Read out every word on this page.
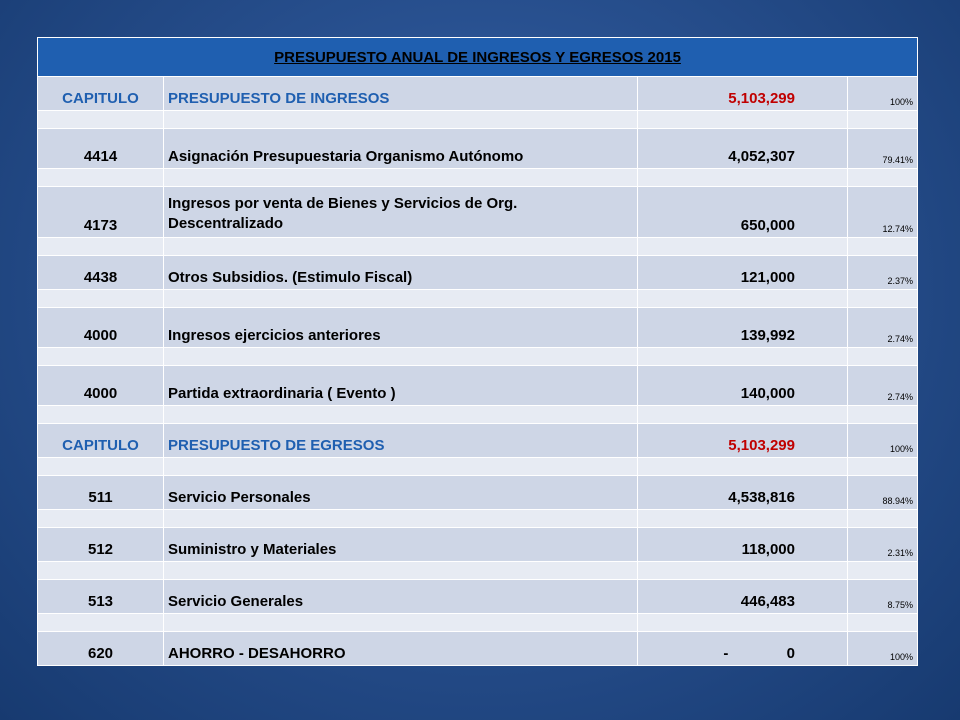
PRESUPUESTO ANUAL DE INGRESOS Y EGRESOS 2015			
CAPITULO	PRESUPUESTO DE INGRESOS	5,103,299	100%

4414	Asignación Presupuestaria Organismo Autónomo	4,052,307	79.41%

4173	Ingresos por venta de Bienes y Servicios de Org. Descentralizado	650,000	12.74%

4438	Otros Subsidios. (Estimulo Fiscal)	121,000	2.37%

4000	Ingresos ejercicios anteriores	139,992	2.74%

4000	Partida extraordinaria ( Evento )	140,000	2.74%

CAPITULO	PRESUPUESTO DE EGRESOS	5,103,299	100%

511	Servicio Personales	4,538,816	88.94%

512	Suministro y Materiales	118,000	2.31%

513	Servicio Generales	446,483	8.75%

620	AHORRO - DESAHORRO	-              0	100%
